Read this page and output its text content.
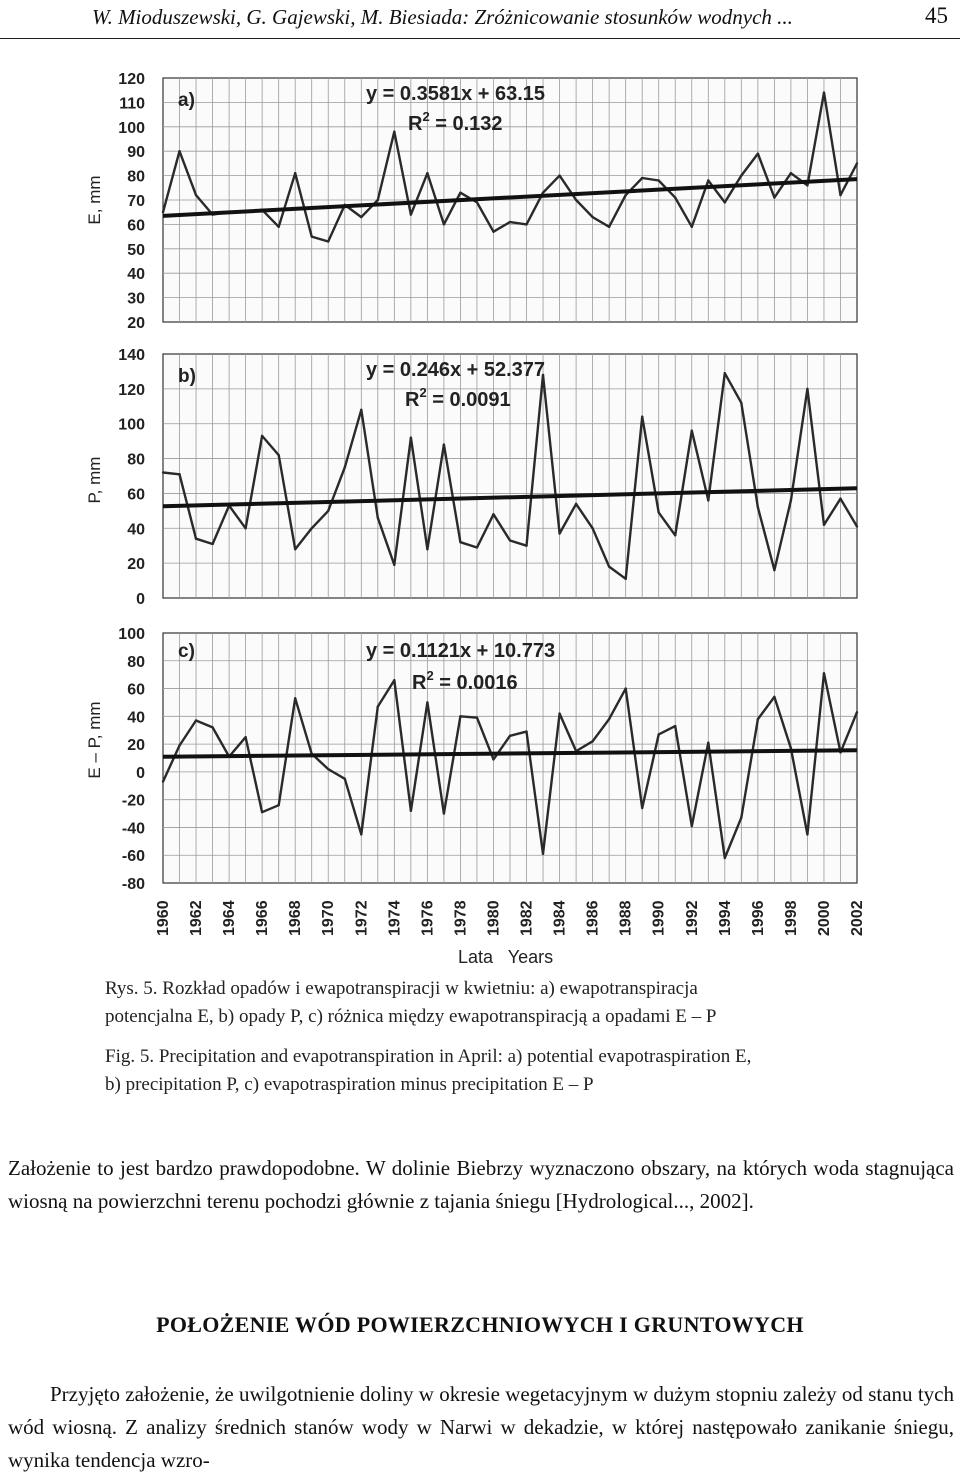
W. Mioduszewski, G. Gajewski, M. Biesiada: Zróżnicowanie stosunków wodnych ...	45
120
110
100
90
80
70
60
50
40
30
20
E, mm
a)	y = 0.3581x + 63.15
$R^2 = 0.132$
140
120
100
80
60
40
20
0
P, mm
b)	y = 0.246x + 52.377
$R^2 = 0.0091$
100
80
60
40
20
0
-20
-40
-60
-80
E – P, mm
c)	y = 0.1121x + 10.773
$R^2 = 0.0016$
1960 1962 1964 1966 1968 1970 1972 1974 1976 1978 1980 1982 1984 1986 1988 1990 1992 1994 1996 1998 2000 2002
Lata   Years
Rys. 5. Rozkład opadów i ewapotranspiracji w kwietniu: a) ewapotranspiracja
potencjalna E, b) opady P, c) różnica między ewapotranspiracją a opadami E – P
Fig. 5. Precipitation and evapotranspiration in April: a) potential evapotraspiration E,
b) precipitation P, c) evapotraspiration minus precipitation E – P
Założenie to jest bardzo prawdopodobne. W dolinie Biebrzy wyznaczono obszary, na których woda stagnująca wiosną na powierzchni terenu pochodzi głównie z tajania śniegu [Hydrological..., 2002].
POŁOŻENIE WÓD POWIERZCHNIOWYCH I GRUNTOWYCH
Przyjęto założenie, że uwilgotnienie doliny w okresie wegetacyjnym w dużym stopniu zależy od stanu tych wód wiosną. Z analizy średnich stanów wody w Narwi w dekadzie, w której następowało zanikanie śniegu, wynika tendencja wzro-
